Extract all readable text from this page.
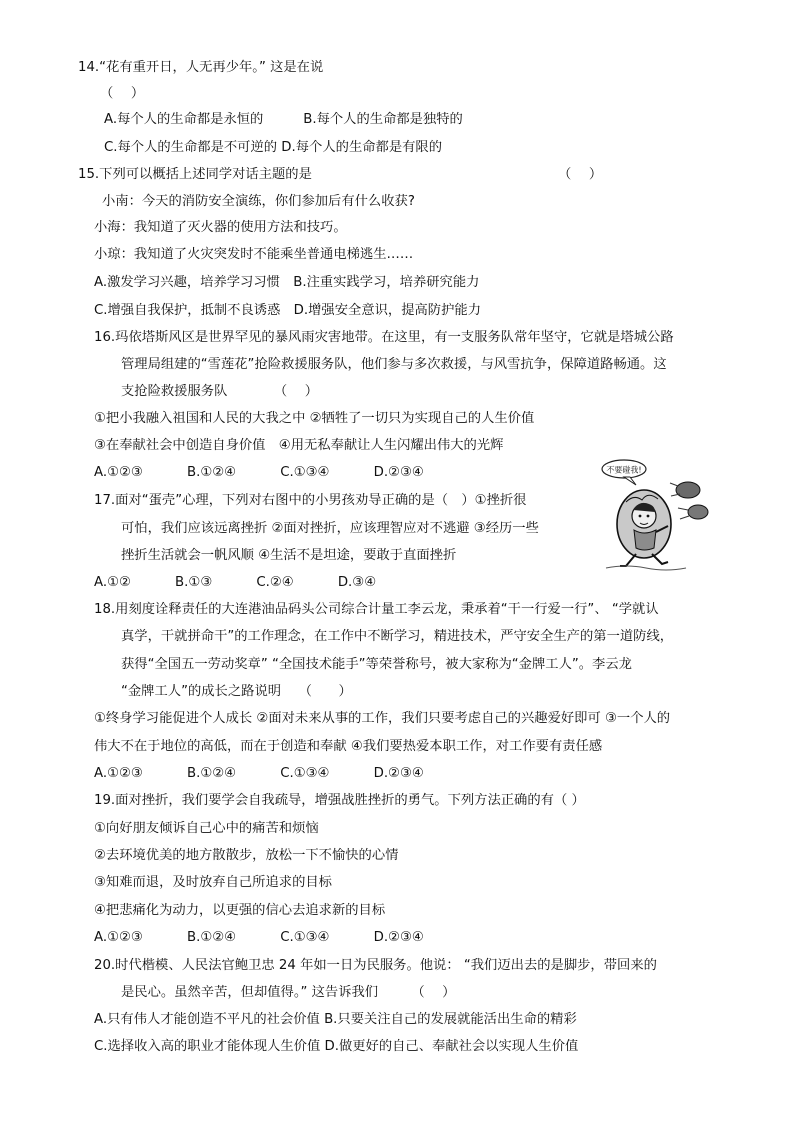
14.“花有重开日，人无再少年。” 这是在说
（　 ）
A.每个人的生命都是永恒的　　　B.每个人的生命都是独特的
C.每个人的生命都是不可逆的 D.每个人的生命都是有限的
15.下列可以概括上述同学对话主题的是	（　 ）
小南：今天的消防安全演练，你们参加后有什么收获?
小海：我知道了灭火器的使用方法和技巧。
小琼：我知道了火灾突发时不能乘坐普通电梯逃生……
A.激发学习兴趣，培养学习习惯　B.注重实践学习，培养研究能力
C.增强自我保护，抵制不良诱惑　D.增强安全意识，提高防护能力
16.玛依塔斯风区是世界罕见的暴风雨灾害地带。在这里，有一支服务队常年坚守，它就是塔城公路
管理局组建的“雪莲花”抢险救援服务队，他们参与多次救援，与风雪抗争，保障道路畅通。这
支抢险救援服务队　　　　（　 ）
①把小我融入祖国和人民的大我之中 ②牺牲了一切只为实现自己的人生价值
③在奉献社会中创造自身价值　④用无私奉献让人生闪耀出伟大的光辉
A.①②③　　　 B.①②④　　　 C.①③④　　　 D.②③④
17.面对“蛋壳”心理，下列对右图中的小男孩劝导正确的是（　）①挫折很
可怕，我们应该远离挫折 ②面对挫折，应该理智应对不逃避 ③经历一些
挫折生活就会一帆风顺 ④生活不是坦途，要敢于直面挫折
A.①②　　　 B.①③　　　 C.②④　　　 D.③④
不要碰我!
18.用刻度诠释责任的大连港油品码头公司综合计量工李云龙，秉承着“干一行爱一行”、 “学就认
真学，干就拼命干”的工作理念，在工作中不断学习，精进技术，严守安全生产的第一道防线，
获得“全国五一劳动奖章” “全国技术能手”等荣誉称号，被大家称为“金牌工人”。李云龙
“金牌工人”的成长之路说明　 （　　）
①终身学习能促进个人成长 ②面对未来从事的工作，我们只要考虑自己的兴趣爱好即可 ③一个人的
伟大不在于地位的高低，而在于创造和奉献 ④我们要热爱本职工作，对工作要有责任感
A.①②③　　　 B.①②④　　　 C.①③④　　　 D.②③④
19.面对挫折，我们要学会自我疏导，增强战胜挫折的勇气。下列方法正确的有（ ）
①向好朋友倾诉自己心中的痛苦和烦恼
②去环境优美的地方散散步，放松一下不愉快的心情
③知难而退，及时放弃自己所追求的目标
④把悲痛化为动力，以更强的信心去追求新的目标
A.①②③　　　 B.①②④　　　 C.①③④　　　 D.②③④
20.时代楷模、人民法官鲍卫忠 24 年如一日为民服务。他说： “我们迈出去的是脚步，带回来的
是民心。虽然辛苦，但却值得。” 这告诉我们　　　（　 ）
A.只有伟人才能创造不平凡的社会价值 B.只要关注自己的发展就能活出生命的精彩
C.选择收入高的职业才能体现人生价值 D.做更好的自己、奉献社会以实现人生价值
